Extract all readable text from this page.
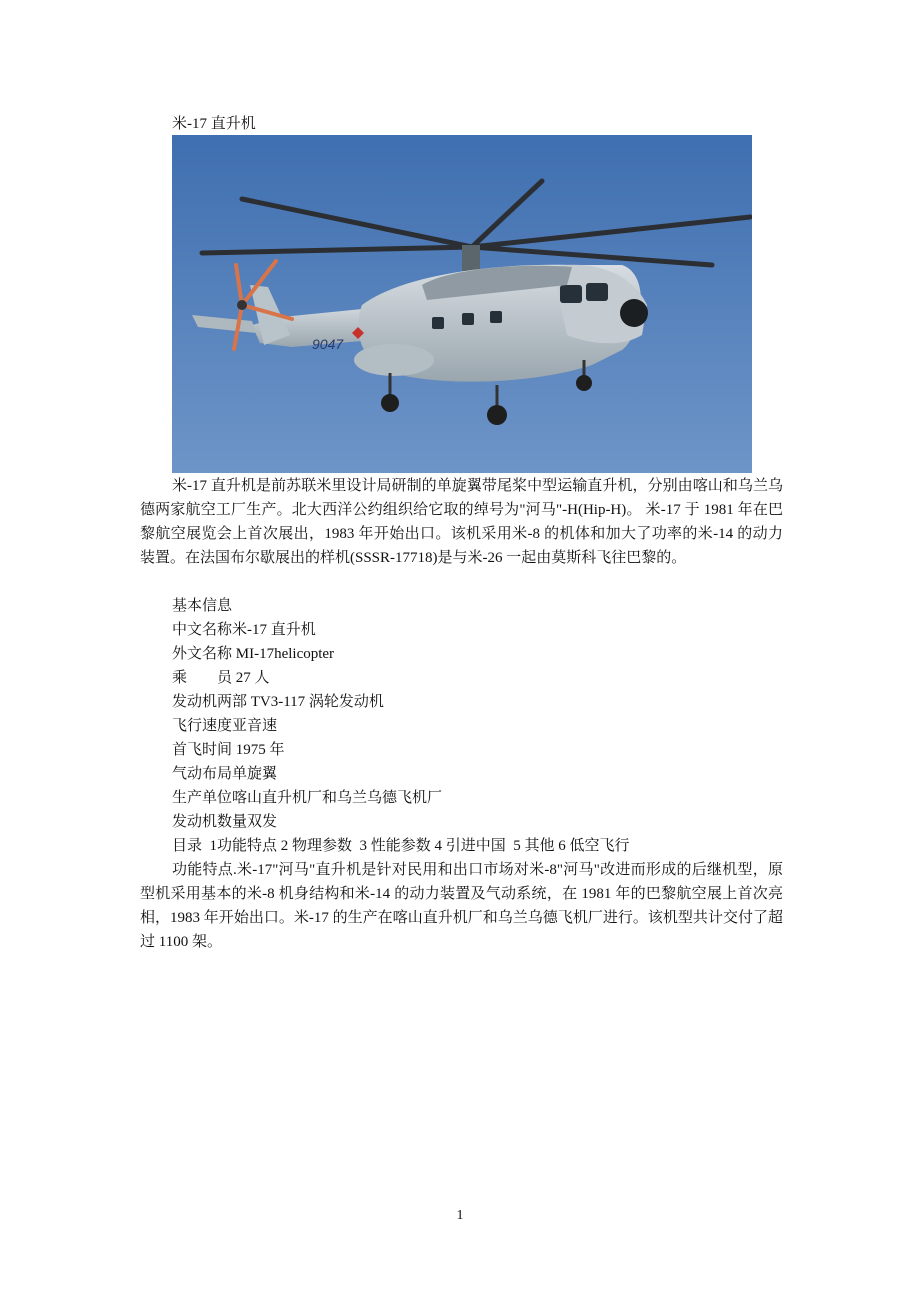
米-17 直升机
9047

米-17 直升机是前苏联米里设计局研制的单旋翼带尾桨中型运输直升机，分别由喀山和乌兰乌德两家航空工厂生产。北大西洋公约组织给它取的绰号为"河马"-H(Hip-H)。 米-17 于 1981 年在巴黎航空展览会上首次展出，1983 年开始出口。该机采用米-8 的机体和加大了功率的米-14 的动力装置。在法国布尔歇展出的样机(SSSR-17718)是与米-26 一起由莫斯科飞往巴黎的。

基本信息
中文名称米-17 直升机
外文名称 MI-17helicopter
乘　　员 27 人
发动机两部 TV3-117 涡轮发动机
飞行速度亚音速
首飞时间 1975 年
气动布局单旋翼
生产单位喀山直升机厂和乌兰乌德飞机厂
发动机数量双发
目录  1功能特点 2 物理参数  3 性能参数 4 引进中国  5 其他 6 低空飞行

功能特点.米-17"河马"直升机是针对民用和出口市场对米-8"河马"改进而形成的后继机型，原型机采用基本的米-8 机身结构和米-14 的动力装置及气动系统，在 1981 年的巴黎航空展上首次亮相，1983 年开始出口。米-17 的生产在喀山直升机厂和乌兰乌德飞机厂进行。该机型共计交付了超过 1100 架。

1
